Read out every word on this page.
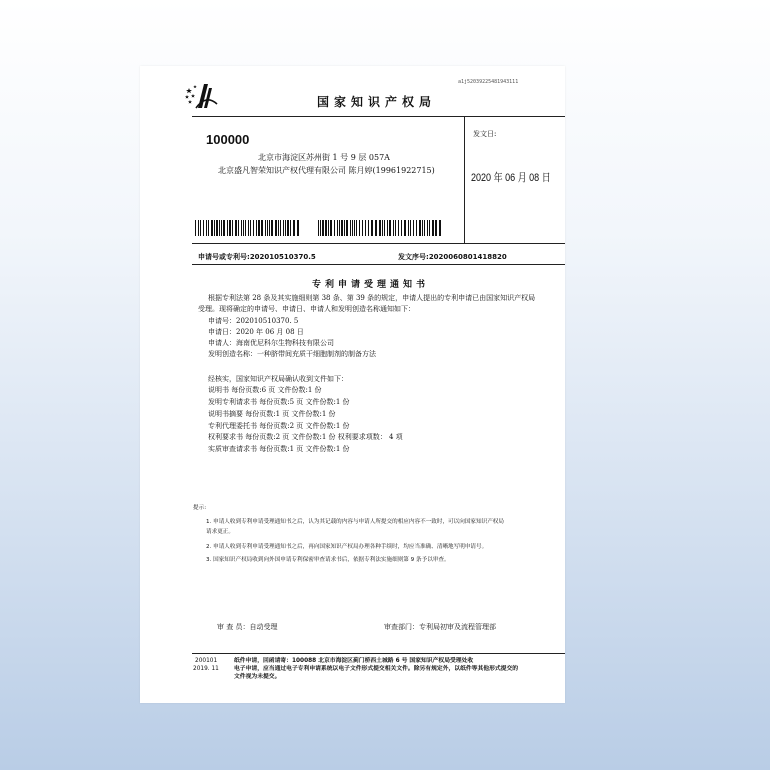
a1j52039225481943111
国家知识产权局
100000
北京市海淀区苏州街 1 号 9 层 057A
北京盛凡智荣知识产权代理有限公司 陈月婷(19961922715)
发文日:
2020 年 06 月 08 日
申请号或专利号:202010510370.5	发文序号:2020060801418820
专利申请受理通知书
根据专利法第 28 条及其实施细则第 38 条、第 39 条的规定，申请人提出的专利申请已由国家知识产权局
受理。现将确定的申请号、申请日、申请人和发明创造名称通知如下：
申请号：202010510370. 5
申请日：2020 年 06 月 08 日
申请人：海南优尼科尔生物科技有限公司
发明创造名称：一种脐带间充质干细胞制剂的制备方法
经核实，国家知识产权局确认收到文件如下：
说明书 每份页数:6 页 文件份数:1 份
发明专利请求书 每份页数:5 页 文件份数:1 份
说明书摘要 每份页数:1 页 文件份数:1 份
专利代理委托书 每份页数:2 页 文件份数:1 份
权利要求书 每份页数:2 页 文件份数:1 份 权利要求项数： 4 项
实质审查请求书 每份页数:1 页 文件份数:1 份
提示:
1. 申请人收到专利申请受理通知书之后，认为其记载的内容与申请人所提交的相应内容不一致时，可以向国家知识产权局
请求更正。
2. 申请人收到专利申请受理通知书之后，再向国家知识产权局办理各种手续时，均应当准确、清晰地写明申请号。
3. 国家知识产权局收到向外国申请专利保密审查请求书后，依据专利法实施细则第 9 条予以审查。
审 查 员：自动受理	审查部门：专利局初审及流程管理部
200101
2019. 11
纸件申请，回函请寄：100088 北京市海淀区蓟门桥西土城路 6 号 国家知识产权局受理处收
电子申请，应当通过电子专利申请系统以电子文件形式提交相关文件。除另有规定外，以纸件等其他形式提交的
文件视为未提交。
